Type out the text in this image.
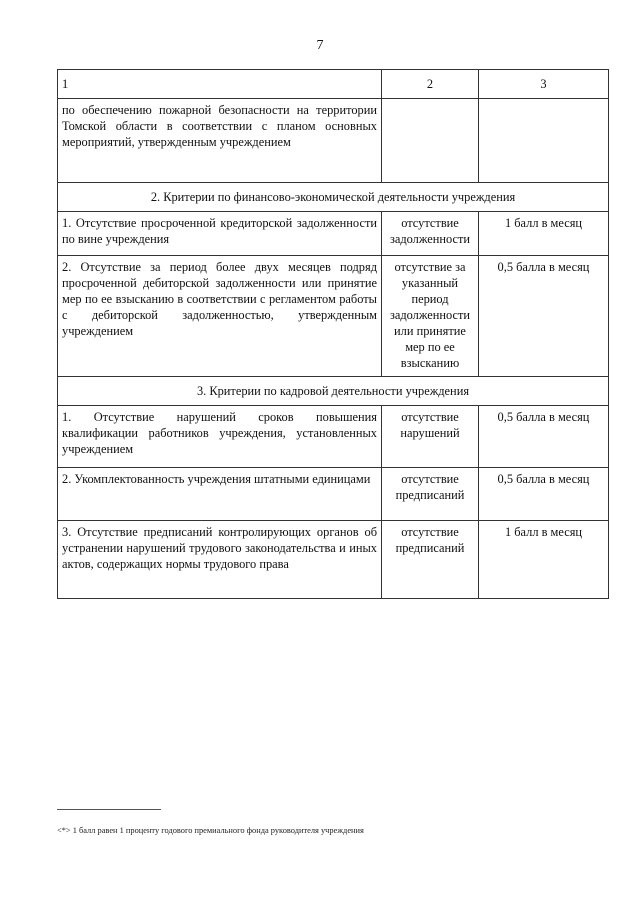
7
1	2	3
по обеспечению пожарной безопасности на территории Томской области в соответствии с планом основных мероприятий, утвержденным учреждением		
2. Критерии по финансово-экономической деятельности учреждения		
1. Отсутствие просроченной кредиторской задолженности по вине учреждения	отсутствие задолженности	1 балл в месяц
2. Отсутствие за период более двух месяцев подряд просроченной дебиторской задолженности или принятие мер по ее взысканию в соответствии с регламентом работы с дебиторской задолженностью, утвержденным учреждением	отсутствие за указанный период задолженности или принятие мер по ее взысканию	0,5 балла в месяц
3. Критерии по кадровой деятельности учреждения		
1. Отсутствие нарушений сроков повышения квалификации работников учреждения, установленных учреждением	отсутствие нарушений	0,5 балла в месяц
2. Укомплектованность учреждения штатными единицами	отсутствие предписаний	0,5 балла в месяц
3. Отсутствие предписаний контролирующих органов об устранении нарушений трудового законодательства и иных актов, содержащих нормы трудового права	отсутствие предписаний	1 балл в месяц
<*> 1 балл равен 1 проценту годового премиального фонда руководителя учреждения
